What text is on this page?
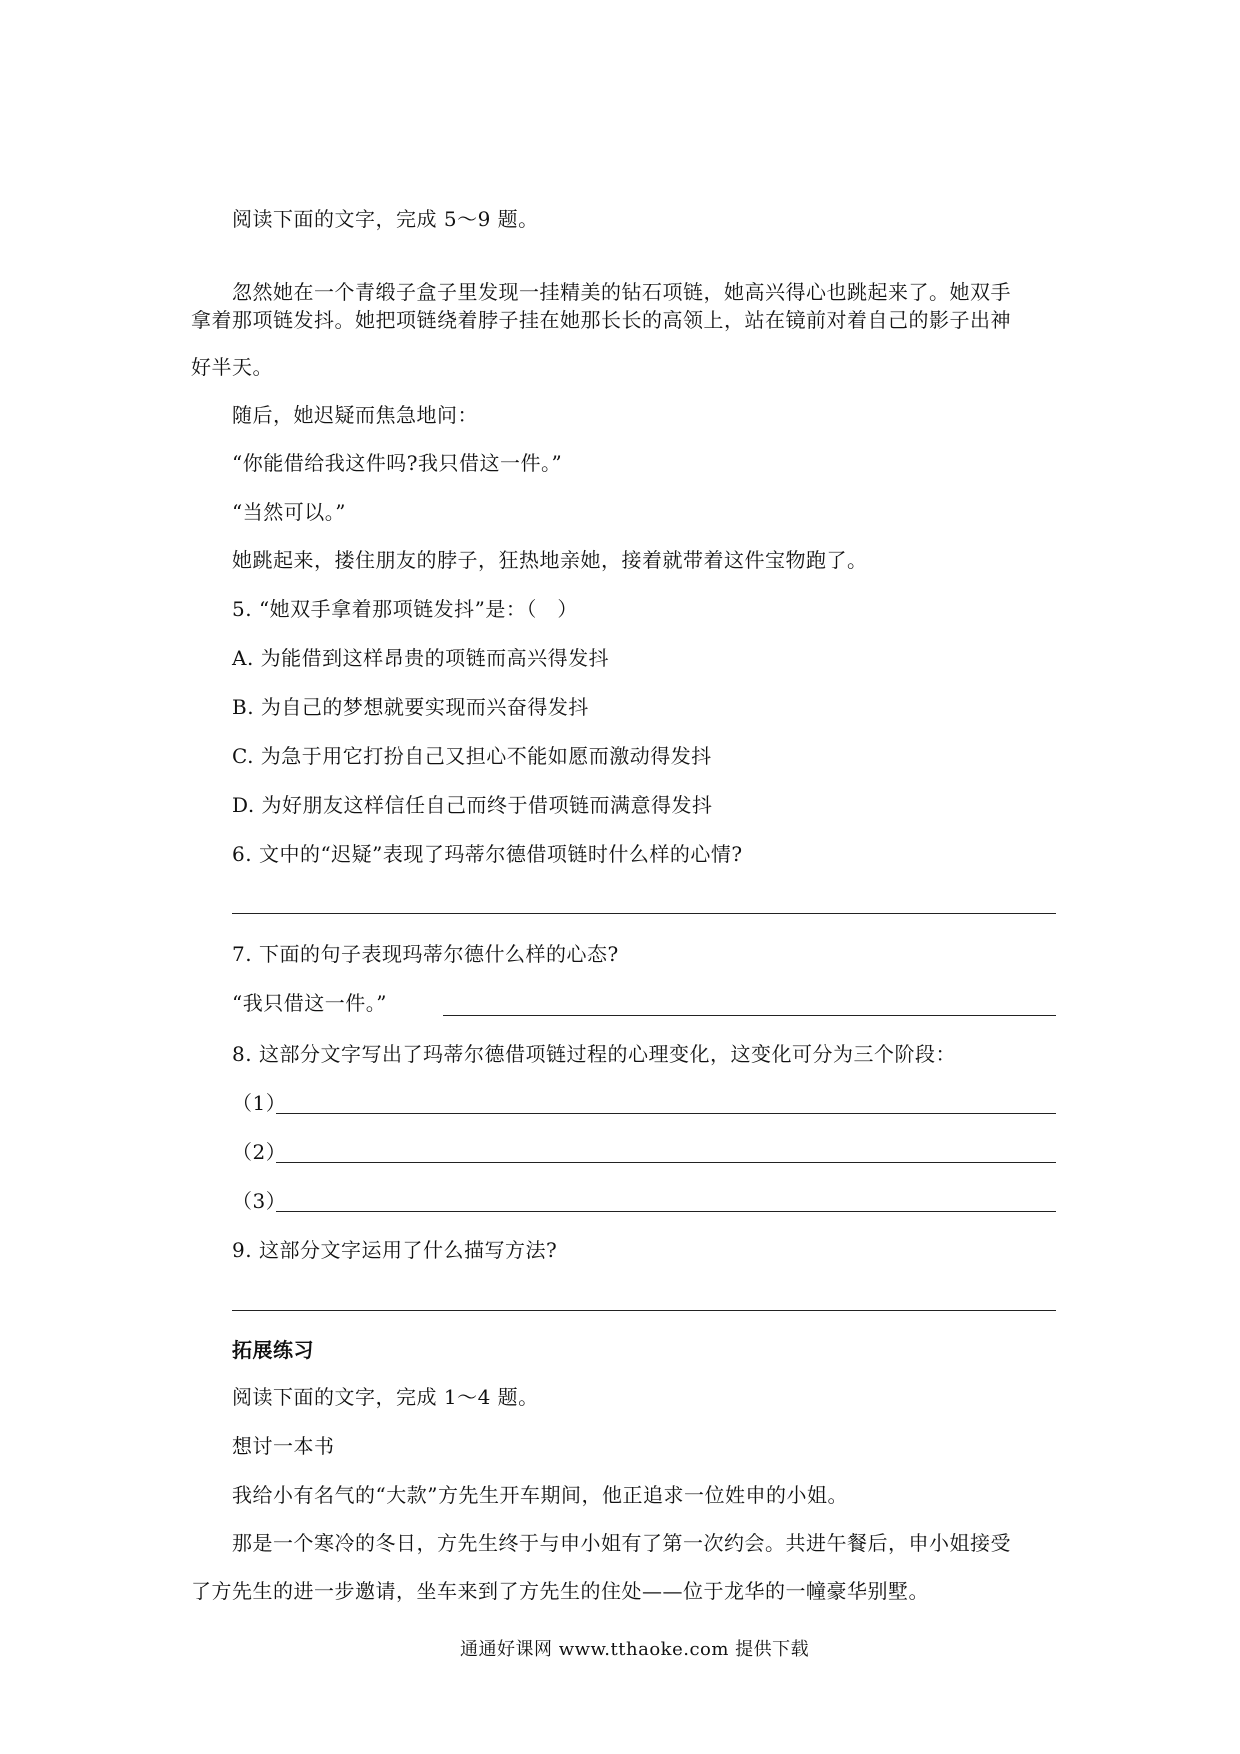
阅读下面的文字，完成 5～9 题。
忽然她在一个青缎子盒子里发现一挂精美的钻石项链，她高兴得心也跳起来了。她双手
拿着那项链发抖。她把项链绕着脖子挂在她那长长的高领上，站在镜前对着自己的影子出神
好半天。
随后，她迟疑而焦急地问：
“你能借给我这件吗?我只借这一件。”
“当然可以。”
她跳起来，搂住朋友的脖子，狂热地亲她，接着就带着这件宝物跑了。
5. “她双手拿着那项链发抖”是：（　）
A. 为能借到这样昂贵的项链而高兴得发抖
B. 为自己的梦想就要实现而兴奋得发抖
C. 为急于用它打扮自己又担心不能如愿而激动得发抖
D. 为好朋友这样信任自己而终于借项链而满意得发抖
6. 文中的“迟疑”表现了玛蒂尔德借项链时什么样的心情?
7. 下面的句子表现玛蒂尔德什么样的心态?
“我只借这一件。”
8. 这部分文字写出了玛蒂尔德借项链过程的心理变化，这变化可分为三个阶段：
（1）
（2）
（3）
9. 这部分文字运用了什么描写方法?
拓展练习
阅读下面的文字，完成 1～4 题。
想讨一本书
我给小有名气的“大款”方先生开车期间，他正追求一位姓申的小姐。
那是一个寒冷的冬日，方先生终于与申小姐有了第一次约会。共进午餐后，申小姐接受
了方先生的进一步邀请，坐车来到了方先生的住处——位于龙华的一幢豪华别墅。
通通好课网 www.tthaoke.com 提供下载
